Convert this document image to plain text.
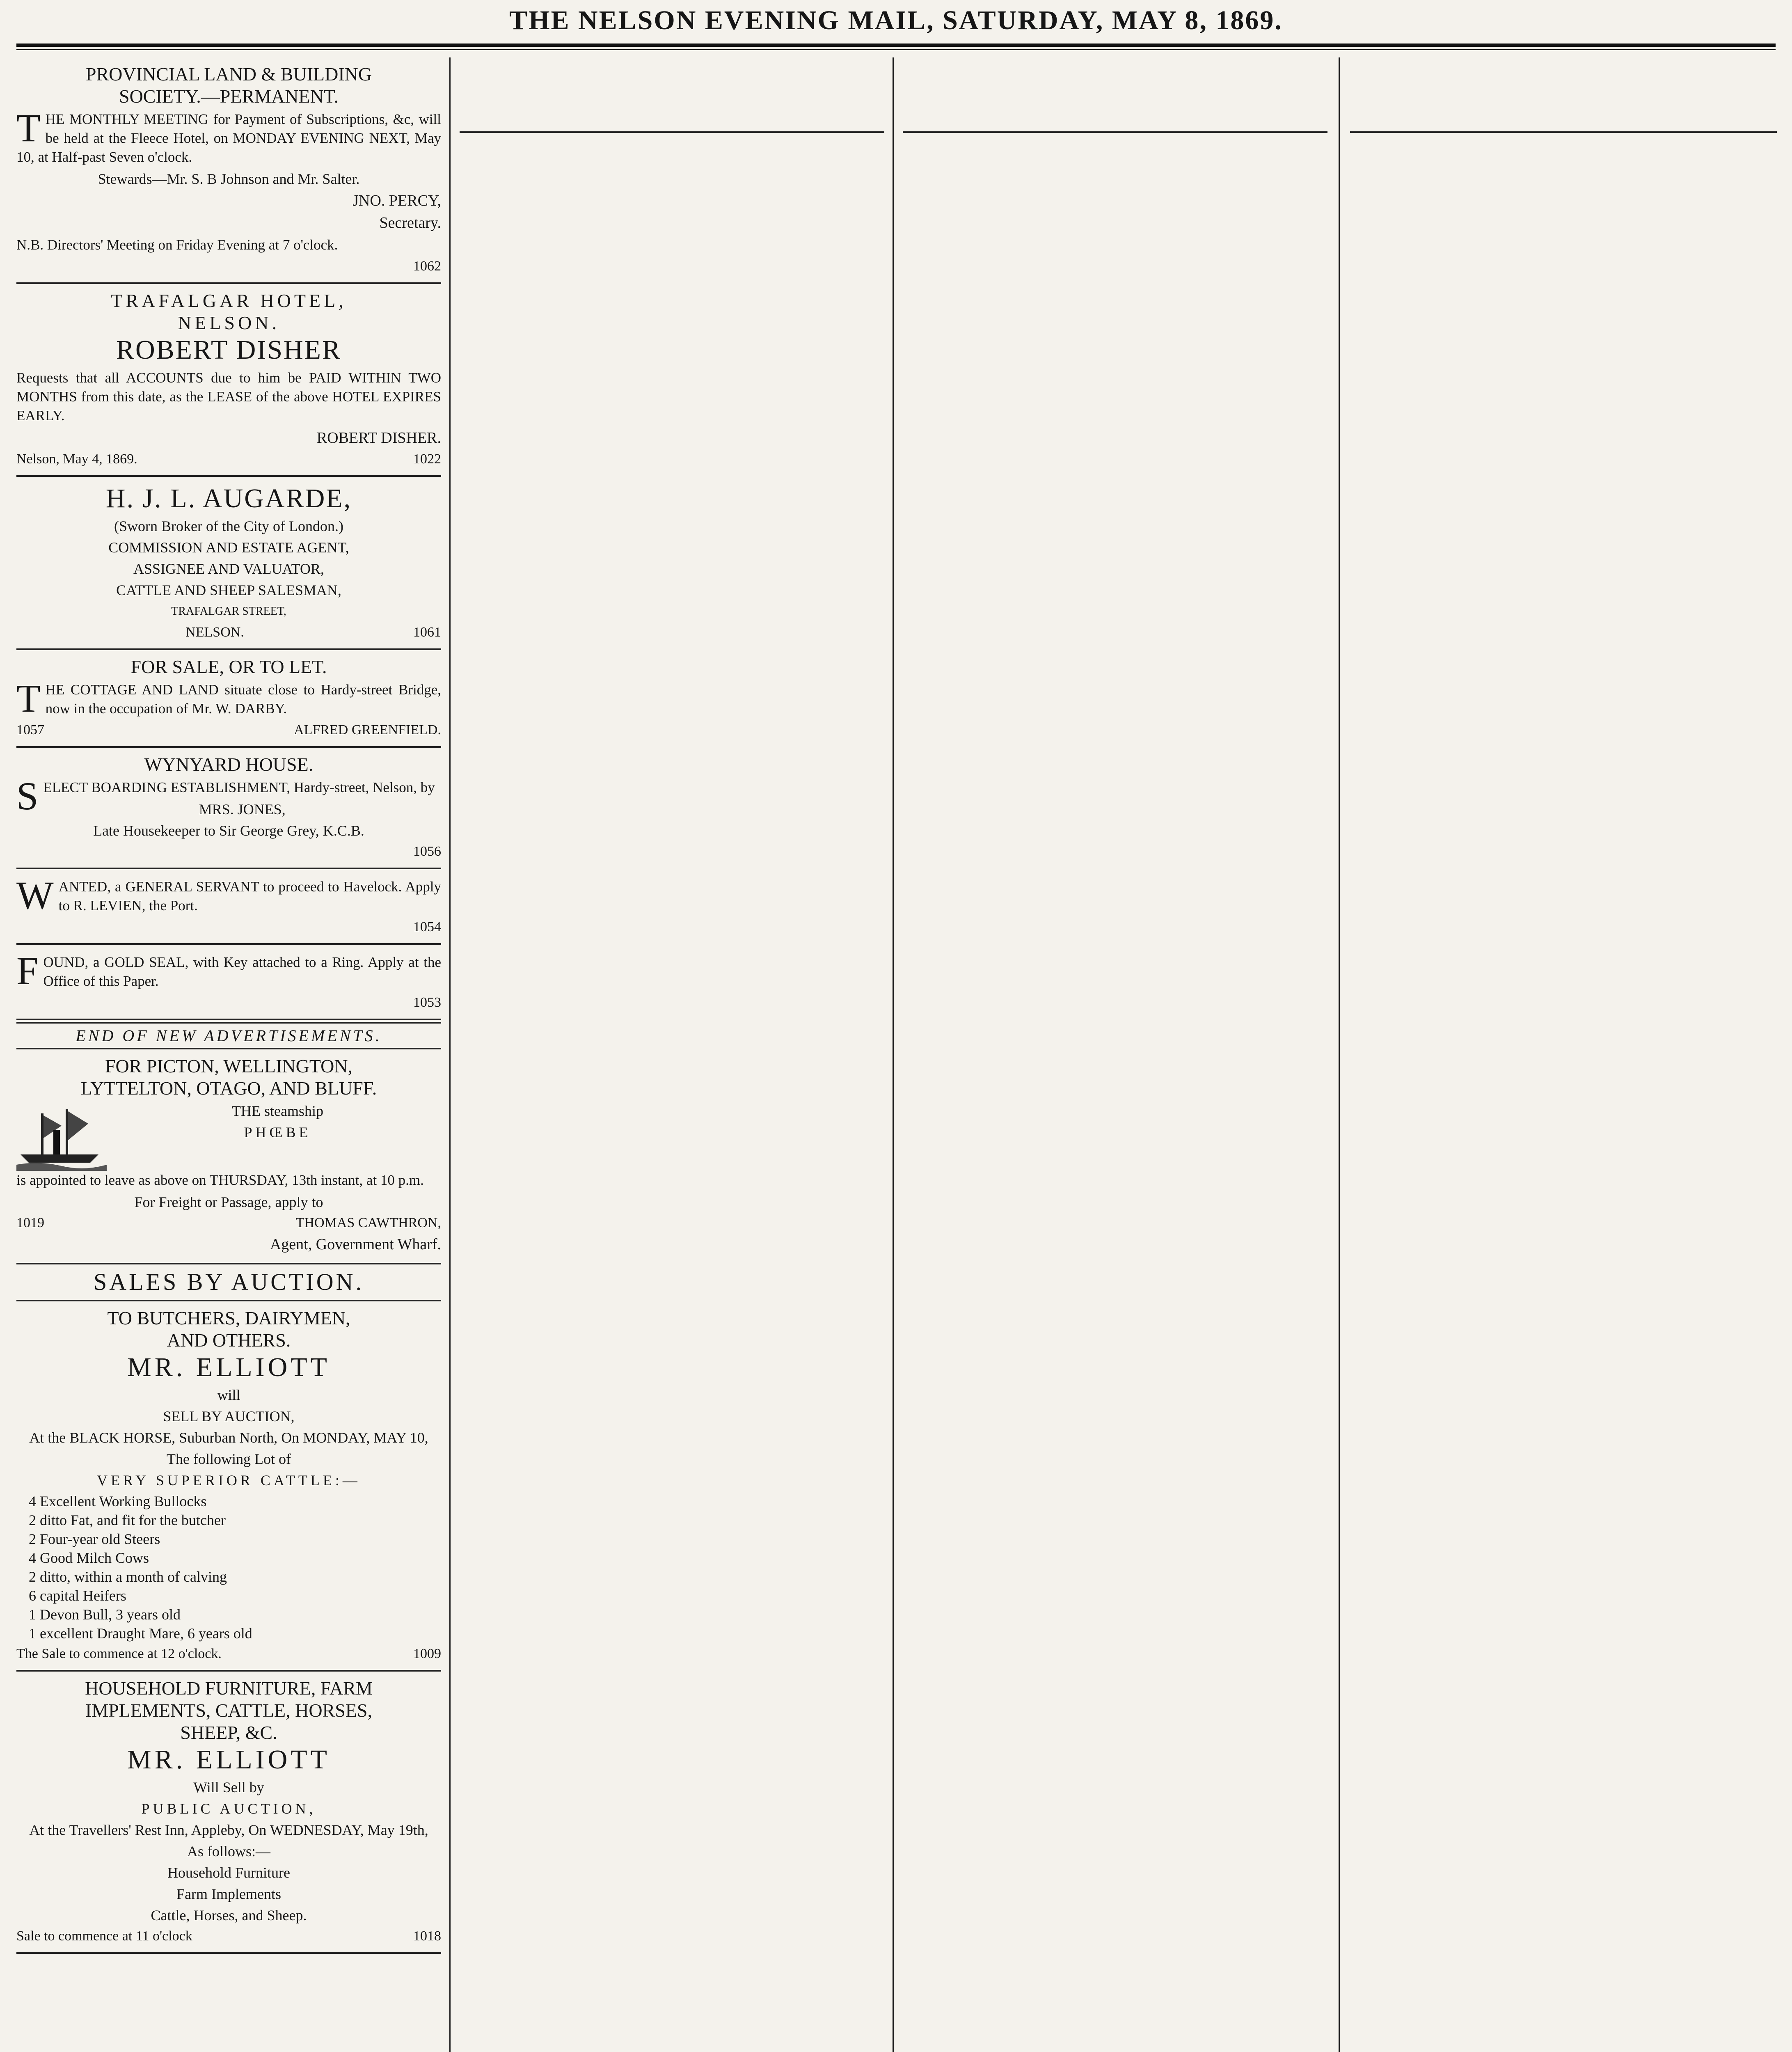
THE NELSON EVENING MAIL, SATURDAY, MAY 8, 1869.
PROVINCIAL LAND & BUILDING
SOCIETY.—PERMANENT.

THE MONTHLY MEETING for Payment of Subscriptions, &c, will be held at the Fleece Hotel, on MONDAY EVENING NEXT, May 10, at Half-past Seven o'clock.

Stewards—Mr. S. B Johnson and Mr. Salter.
JNO. PERCY,
Secretary.

N.B. Directors' Meeting on Friday Evening at 7 o'clock.

1062
TRAFALGAR HOTEL,
NELSON.
ROBERT DISHER

Requests that all ACCOUNTS due to him be PAID WITHIN TWO MONTHS from this date, as the LEASE of the above HOTEL EXPIRES EARLY.

ROBERT DISHER.
Nelson, May 4, 1869.	1022
H. J. L. AUGARDE,
(Sworn Broker of the City of London.)
COMMISSION AND ESTATE AGENT,
ASSIGNEE AND VALUATOR,
CATTLE AND SHEEP SALESMAN,
TRAFALGAR STREET,
NELSON.	1061
FOR SALE, OR TO LET.

THE COTTAGE AND LAND situate close to Hardy-street Bridge, now in the occupation of Mr. W. DARBY.

1057	ALFRED GREENFIELD.
WYNYARD HOUSE.

SELECT BOARDING ESTABLISHMENT, Hardy-street, Nelson, by

MRS. JONES,
Late Housekeeper to Sir George Grey, K.C.B.
1056

WANTED, a GENERAL SERVANT to proceed to Havelock. Apply to R. LEVIEN, the Port.

1054

FOUND, a GOLD SEAL, with Key attached to a Ring. Apply at the Office of this Paper.

1053
END OF NEW ADVERTISEMENTS.
FOR PICTON, WELLINGTON,
LYTTELTON, OTAGO, AND BLUFF.
THE steamship
PHŒBE

is appointed to leave as above on THURSDAY, 13th instant, at 10 p.m.

For Freight or Passage, apply to
1019	THOMAS CAWTHRON,
Agent, Government Wharf.
SALES BY AUCTION.
TO BUTCHERS, DAIRYMEN,
AND OTHERS.
MR. ELLIOTT
will
SELL BY AUCTION,
At the BLACK HORSE, Suburban North, On MONDAY, MAY 10,
The following Lot of
VERY SUPERIOR CATTLE:—
4 Excellent Working Bullocks
2 ditto Fat, and fit for the butcher
2 Four-year old Steers
4 Good Milch Cows
2 ditto, within a month of calving
6 capital Heifers
1 Devon Bull, 3 years old
1 excellent Draught Mare, 6 years old
The Sale to commence at 12 o'clock.	1009
HOUSEHOLD FURNITURE, FARM
IMPLEMENTS, CATTLE, HORSES,
SHEEP, &C.
MR. ELLIOTT
Will Sell by
PUBLIC AUCTION,
At the Travellers' Rest Inn, Appleby, On WEDNESDAY, May 19th,
As follows:—
Household Furniture
Farm Implements
Cattle, Horses, and Sheep.
Sale to commence at 11 o'clock	1018
